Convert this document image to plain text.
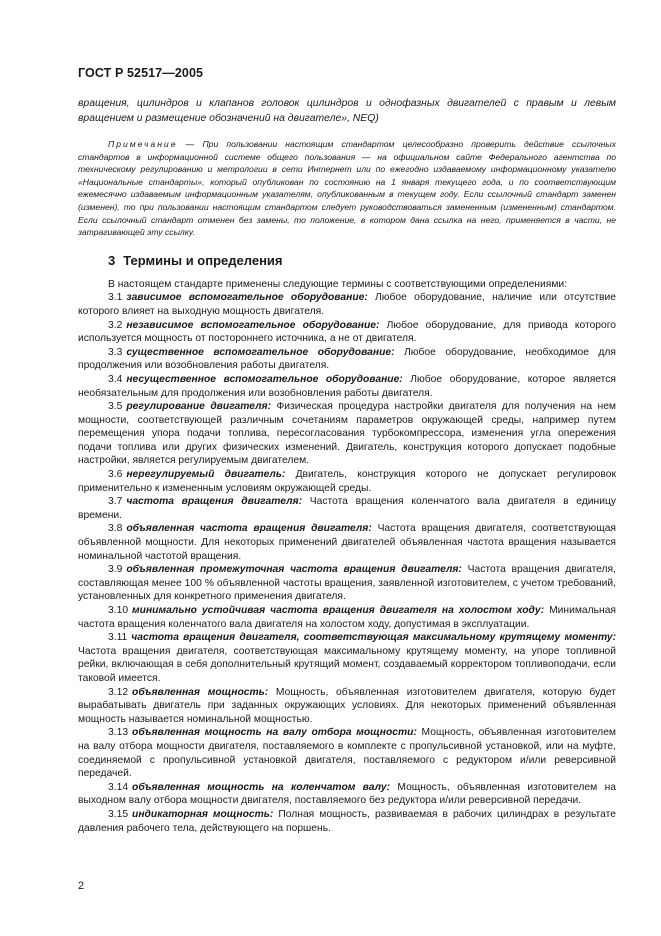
ГОСТ Р 52517—2005

вращения, цилиндров и клапанов головок цилиндров и однофазных двигателей с правым и левым вращением и размещение обозначений на двигателе», NEQ)

Примечание — При пользовании настоящим стандартом целесообразно проверить действие ссылочных стандартов в информационной системе общего пользования — на официальном сайте Федерального агентства по техническому регулированию и метрологии в сети Интернет или по ежегодно издаваемому информационному указателю «Национальные стандарты», который опубликован по состоянию на 1 января текущего года, и по соответствующим ежемесячно издаваемым информационным указателям, опубликованным в текущем году. Если ссылочный стандарт заменен (изменен), то при пользовании настоящим стандартом следует руководствоваться замененным (измененным) стандартом. Если ссылочный стандарт отменен без замены, то положение, в котором дана ссылка на него, применяется в части, не затрагивающей эту ссылку.

3 Термины и определения

В настоящем стандарте применены следующие термины с соответствующими определениями:

3.1 зависимое вспомогательное оборудование: Любое оборудование, наличие или отсутствие которого влияет на выходную мощность двигателя.

3.2 независимое вспомогательное оборудование: Любое оборудование, для привода которого используется мощность от постороннего источника, а не от двигателя.

3.3 существенное вспомогательное оборудование: Любое оборудование, необходимое для продолжения или возобновления работы двигателя.

3.4 несущественное вспомогательное оборудование: Любое оборудование, которое является необязательным для продолжения или возобновления работы двигателя.

3.5 регулирование двигателя: Физическая процедура настройки двигателя для получения на нем мощности, соответствующей различным сочетаниям параметров окружающей среды, например путем перемещения упора подачи топлива, пересогласования турбокомпрессора, изменения угла опережения подачи топлива или других физических изменений. Двигатель, конструкция которого допускает подобные настройки, является регулируемым двигателем.

3.6 нерегулируемый двигатель: Двигатель, конструкция которого не допускает регулировок применительно к измененным условиям окружающей среды.

3.7 частота вращения двигателя: Частота вращения коленчатого вала двигателя в единицу времени.

3.8 объявленная частота вращения двигателя: Частота вращения двигателя, соответствующая объявленной мощности. Для некоторых применений двигателей объявленная частота вращения называется номинальной частотой вращения.

3.9 объявленная промежуточная частота вращения двигателя: Частота вращения двигателя, составляющая менее 100 % объявленной частоты вращения, заявленной изготовителем, с учетом требований, установленных для конкретного применения двигателя.

3.10 минимально устойчивая частота вращения двигателя на холостом ходу: Минимальная частота вращения коленчатого вала двигателя на холостом ходу, допустимая в эксплуатации.

3.11 частота вращения двигателя, соответствующая максимальному крутящему моменту: Частота вращения двигателя, соответствующая максимальному крутящему моменту, на упоре топливной рейки, включающая в себя дополнительный крутящий момент, создаваемый корректором топливоподачи, если таковой имеется.

3.12 объявленная мощность: Мощность, объявленная изготовителем двигателя, которую будет вырабатывать двигатель при заданных окружающих условиях. Для некоторых применений объявленная мощность называется номинальной мощностью.

3.13 объявленная мощность на валу отбора мощности: Мощность, объявленная изготовителем на валу отбора мощности двигателя, поставляемого в комплекте с пропульсивной установкой, или на муфте, соединяемой с пропульсивной установкой двигателя, поставляемого с редуктором и/или реверсивной передачей.

3.14 объявленная мощность на коленчатом валу: Мощность, объявленная изготовителем на выходном валу отбора мощности двигателя, поставляемого без редуктора и/или реверсивной передачи.

3.15 индикаторная мощность: Полная мощность, развиваемая в рабочих цилиндрах в результате давления рабочего тела, действующего на поршень.

2
